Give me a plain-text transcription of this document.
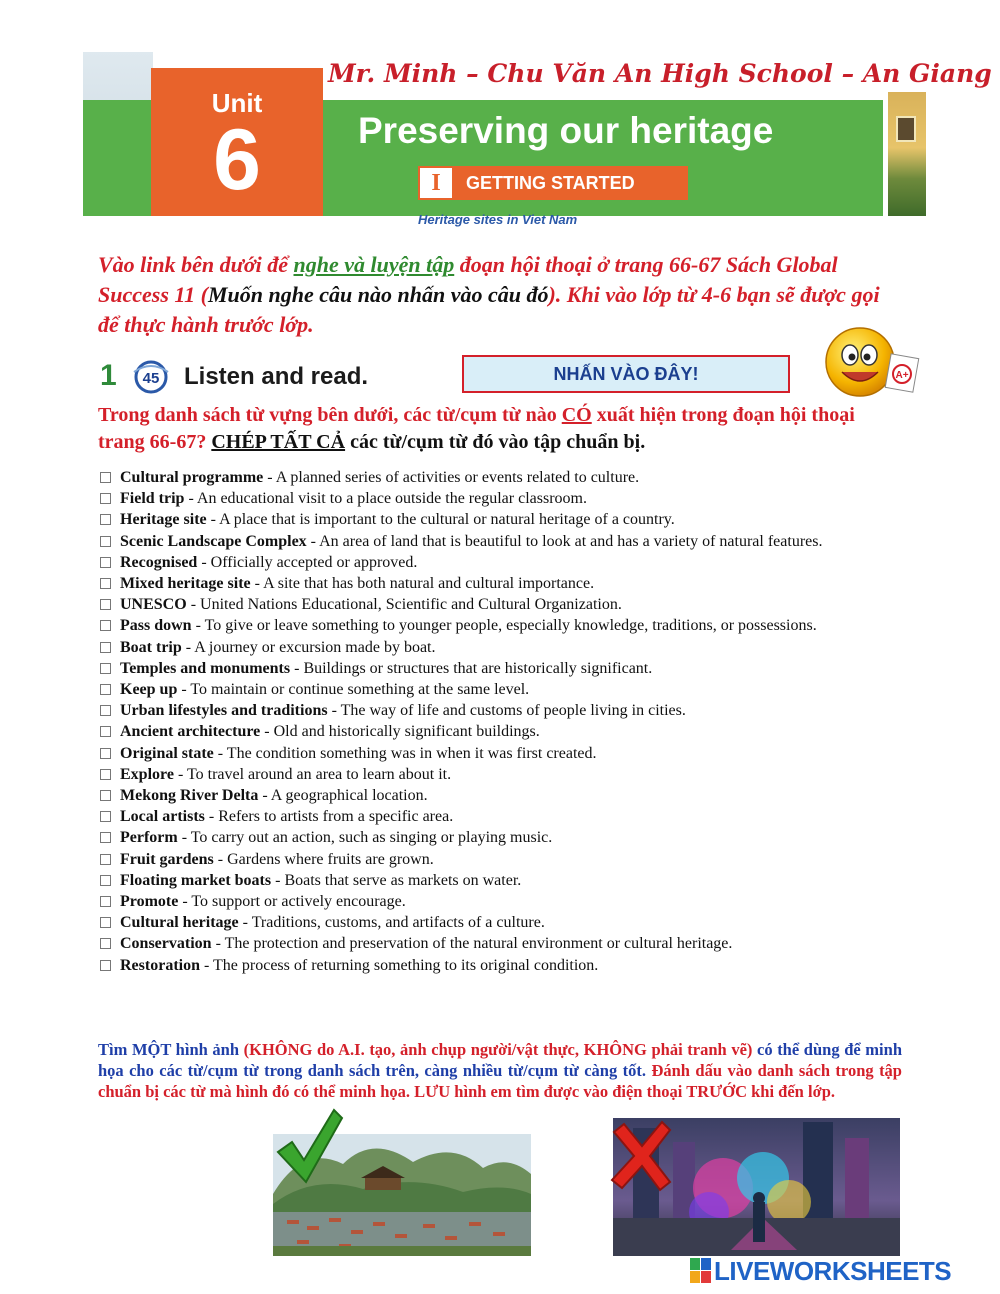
Mr. Minh – Chu Văn An High School – An Giang
Unit
6	Preserving our heritage
I	GETTING STARTED
Heritage sites in Viet Nam

Vào link bên dưới để nghe và luyện tập đoạn hội thoại ở trang 66-67 Sách Global Success 11 (Muốn nghe câu nào nhấn vào câu đó). Khi vào lớp từ 4-6 bạn sẽ được gọi để thực hành trước lớp.

1 45 Listen and read.	NHẤN VÀO ĐÂY!	A+

Trong danh sách từ vựng bên dưới, các từ/cụm từ nào CÓ xuất hiện trong đoạn hội thoại trang 66-67? CHÉP TẤT CẢ các từ/cụm từ đó vào tập chuẩn bị.

Cultural programme - A planned series of activities or events related to culture.
Field trip - An educational visit to a place outside the regular classroom.
Heritage site - A place that is important to the cultural or natural heritage of a country.
Scenic Landscape Complex - An area of land that is beautiful to look at and has a variety of natural features.
Recognised - Officially accepted or approved.
Mixed heritage site - A site that has both natural and cultural importance.
UNESCO - United Nations Educational, Scientific and Cultural Organization.
Pass down - To give or leave something to younger people, especially knowledge, traditions, or possessions.
Boat trip - A journey or excursion made by boat.
Temples and monuments - Buildings or structures that are historically significant.
Keep up - To maintain or continue something at the same level.
Urban lifestyles and traditions - The way of life and customs of people living in cities.
Ancient architecture - Old and historically significant buildings.
Original state - The condition something was in when it was first created.
Explore - To travel around an area to learn about it.
Mekong River Delta - A geographical location.
Local artists - Refers to artists from a specific area.
Perform - To carry out an action, such as singing or playing music.
Fruit gardens - Gardens where fruits are grown.
Floating market boats - Boats that serve as markets on water.
Promote - To support or actively encourage.
Cultural heritage - Traditions, customs, and artifacts of a culture.
Conservation - The protection and preservation of the natural environment or cultural heritage.
Restoration - The process of returning something to its original condition.

Tìm MỘT hình ảnh (KHÔNG do A.I. tạo, ảnh chụp người/vật thực, KHÔNG phải tranh vẽ) có thể dùng để minh họa cho các từ/cụm từ trong danh sách trên, càng nhiều từ/cụm từ càng tốt. Đánh dấu vào danh sách trong tập chuẩn bị các từ mà hình đó có thể minh họa. LƯU hình em tìm được vào điện thoại TRƯỚC khi đến lớp.

LIVEWORKSHEETS
